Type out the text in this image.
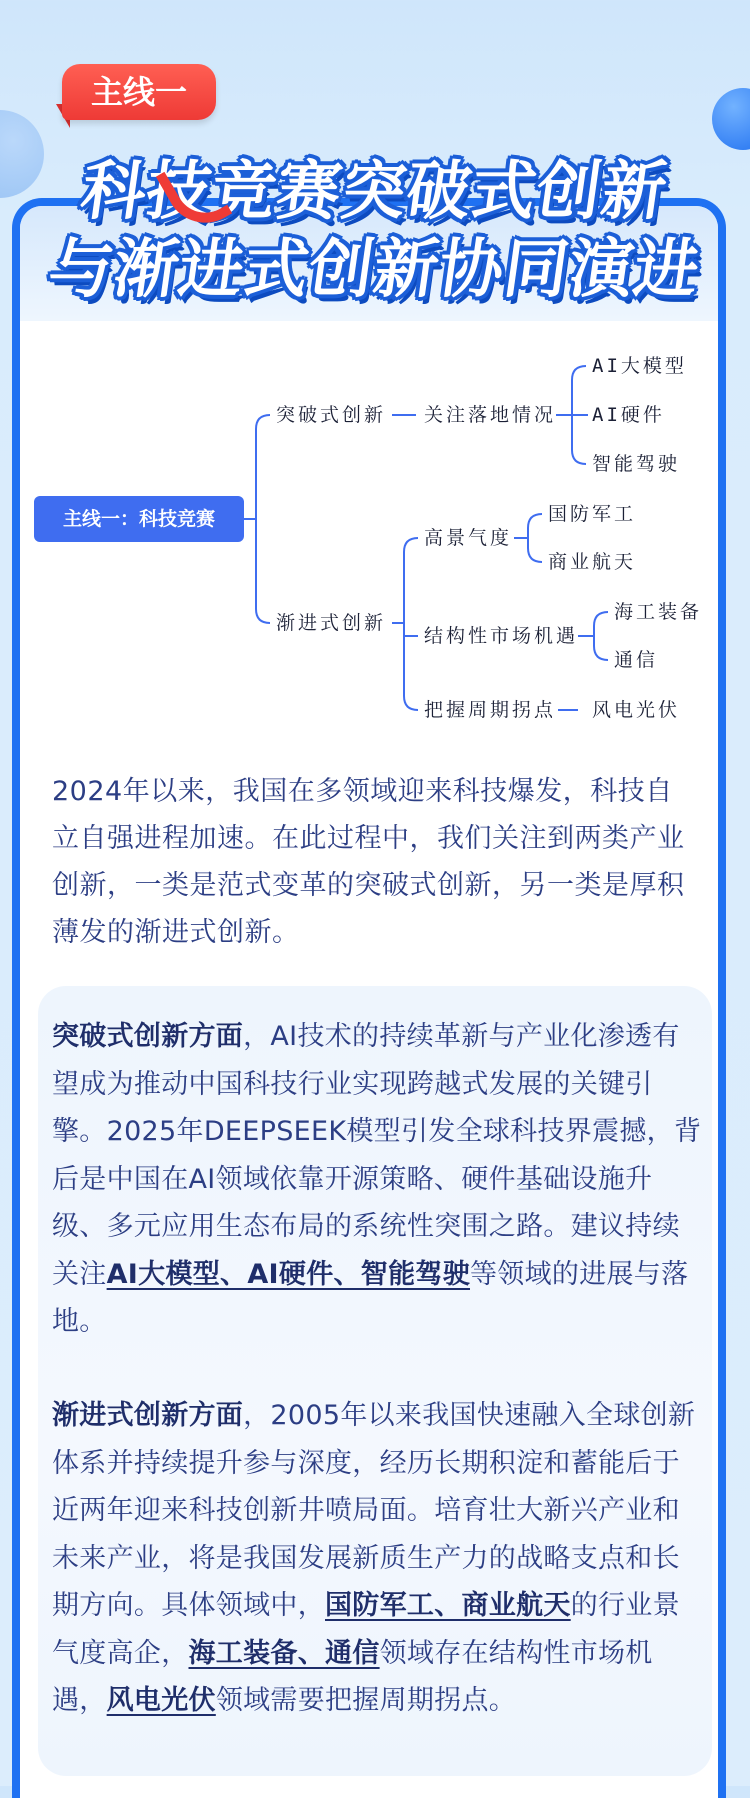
主线一
科技竞赛突破式创新
与渐进式创新协同演进
主线一：科技竞赛
突破式创新 关注落地情况
AI大模型
AI硬件
智能驾驶
渐进式创新
高景气度
国防军工
商业航天
结构性市场机遇
海工装备
通信
把握周期拐点 风电光伏
2024年以来，我国在多领域迎来科技爆发，科技自立自强进程加速。在此过程中，我们关注到两类产业创新，一类是范式变革的突破式创新，另一类是厚积薄发的渐进式创新。
突破式创新方面，AI技术的持续革新与产业化渗透有望成为推动中国科技行业实现跨越式发展的关键引擎。2025年DEEPSEEK模型引发全球科技界震撼，背后是中国在AI领域依靠开源策略、硬件基础设施升级、多元应用生态布局的系统性突围之路。建议持续关注AI大模型、AI硬件、智能驾驶等领域的进展与落地。
渐进式创新方面，2005年以来我国快速融入全球创新体系并持续提升参与深度，经历长期积淀和蓄能后于近两年迎来科技创新井喷局面。培育壮大新兴产业和未来产业，将是我国发展新质生产力的战略支点和长期方向。具体领域中，国防军工、商业航天的行业景气度高企，海工装备、通信领域存在结构性市场机遇，风电光伏领域需要把握周期拐点。
